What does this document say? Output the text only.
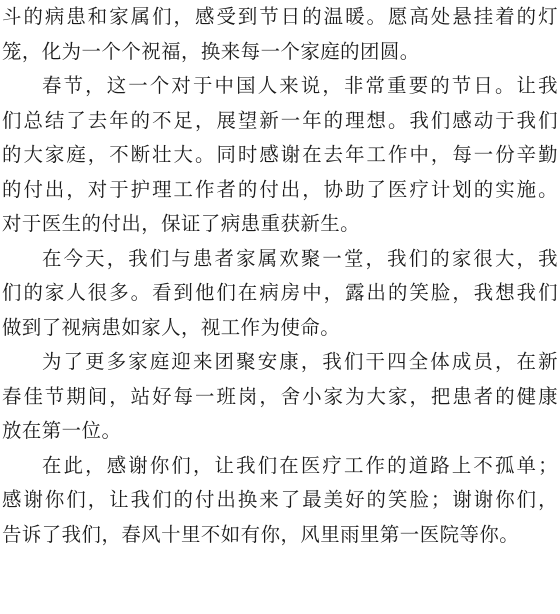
斗的病患和家属们，感受到节日的温暖。愿高处悬挂着的灯
笼，化为一个个祝福，换来每一个家庭的团圆。
春节，这一个对于中国人来说，非常重要的节日。让我
们总结了去年的不足，展望新一年的理想。我们感动于我们
的大家庭，不断壮大。同时感谢在去年工作中，每一份辛勤
的付出，对于护理工作者的付出，协助了医疗计划的实施。
对于医生的付出，保证了病患重获新生。
在今天，我们与患者家属欢聚一堂，我们的家很大，我
们的家人很多。看到他们在病房中，露出的笑脸，我想我们
做到了视病患如家人，视工作为使命。
为了更多家庭迎来团聚安康，我们干四全体成员，在新
春佳节期间，站好每一班岗，舍小家为大家，把患者的健康
放在第一位。
在此，感谢你们，让我们在医疗工作的道路上不孤单；
感谢你们，让我们的付出换来了最美好的笑脸；谢谢你们，
告诉了我们，春风十里不如有你，风里雨里第一医院等你。
